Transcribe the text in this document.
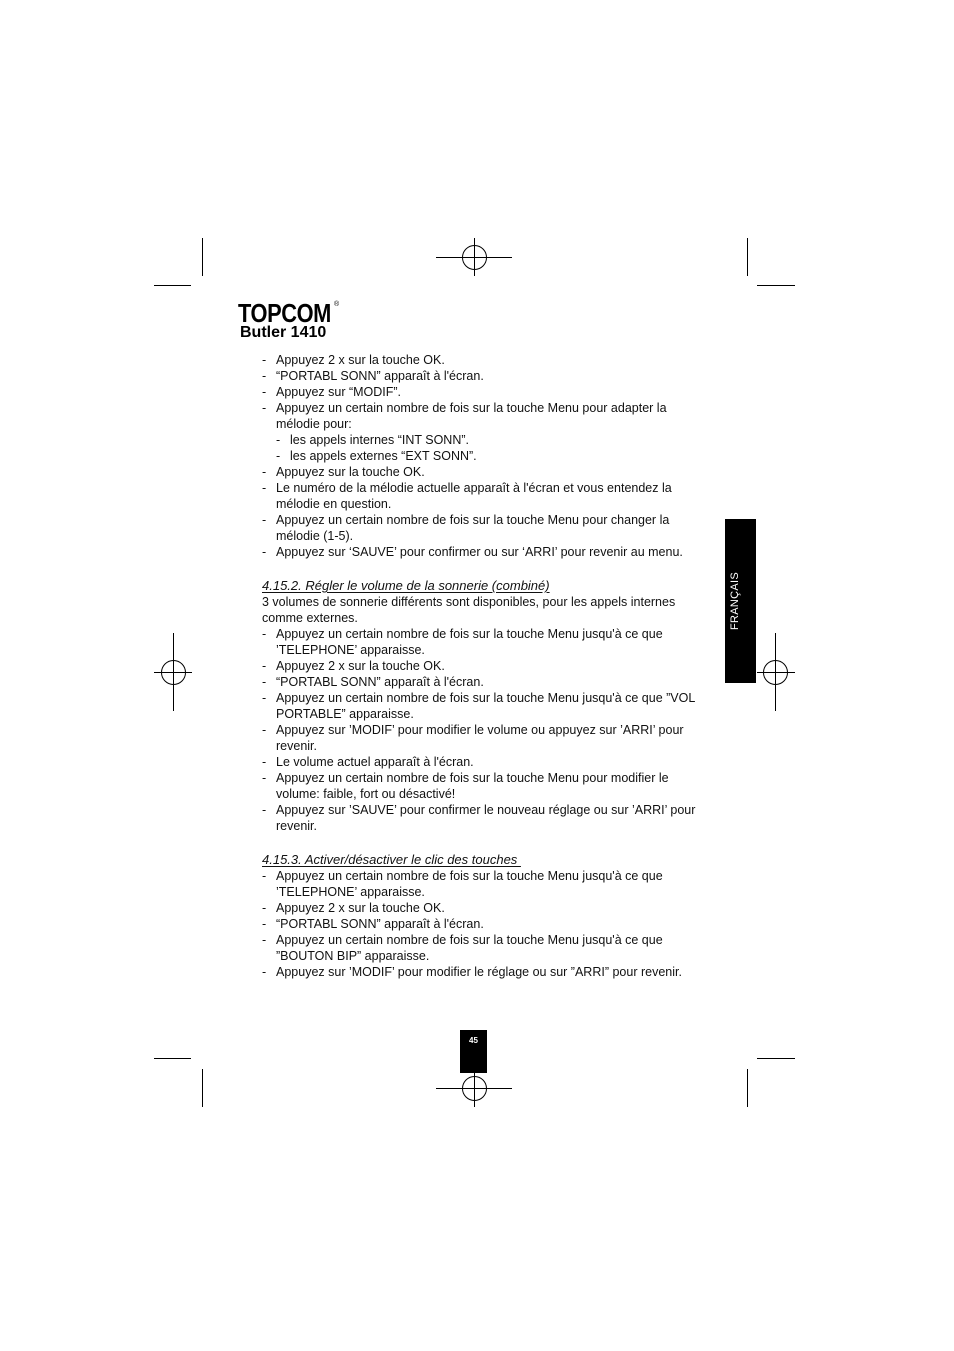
TOPCOM ®
Butler 1410
- Appuyez 2 x sur la touche OK.
- “PORTABL SONN” apparaît à l'écran.
- Appuyez sur “MODIF”.
- Appuyez un certain nombre de fois sur la touche Menu pour adapter la
mélodie pour:
- les appels internes “INT SONN”.
- les appels externes “EXT SONN”.
- Appuyez sur la touche OK.
- Le numéro de la mélodie actuelle apparaît à l'écran et vous entendez la
mélodie en question.
- Appuyez un certain nombre de fois sur la touche Menu pour changer la
mélodie (1-5).
- Appuyez sur ‘SAUVE’ pour confirmer ou sur ‘ARRI’ pour revenir au menu.
4.15.2. Régler le volume de la sonnerie (combiné)
3 volumes de sonnerie différents sont disponibles, pour les appels internes
comme externes.
- Appuyez un certain nombre de fois sur la touche Menu jusqu'à ce que
’TELEPHONE’ apparaisse.
- Appuyez 2 x sur la touche OK.
- “PORTABL SONN” apparaît à l'écran.
- Appuyez un certain nombre de fois sur la touche Menu jusqu'à ce que ”VOL
PORTABLE” apparaisse.
- Appuyez sur ’MODIF’ pour modifier le volume ou appuyez sur ’ARRI’ pour
revenir.
- Le volume actuel apparaît à l'écran.
- Appuyez un certain nombre de fois sur la touche Menu pour modifier le
volume: faible, fort ou désactivé!
- Appuyez sur ’SAUVE’ pour confirmer le nouveau réglage ou sur ’ARRI’ pour
revenir.
4.15.3. Activer/désactiver le clic des touches
- Appuyez un certain nombre de fois sur la touche Menu jusqu'à ce que
’TELEPHONE’ apparaisse.
- Appuyez 2 x sur la touche OK.
- “PORTABL SONN” apparaît à l'écran.
- Appuyez un certain nombre de fois sur la touche Menu jusqu'à ce que
”BOUTON BIP” apparaisse.
- Appuyez sur ’MODIF’ pour modifier le réglage ou sur ”ARRI” pour revenir.
FRANÇAIS
45
